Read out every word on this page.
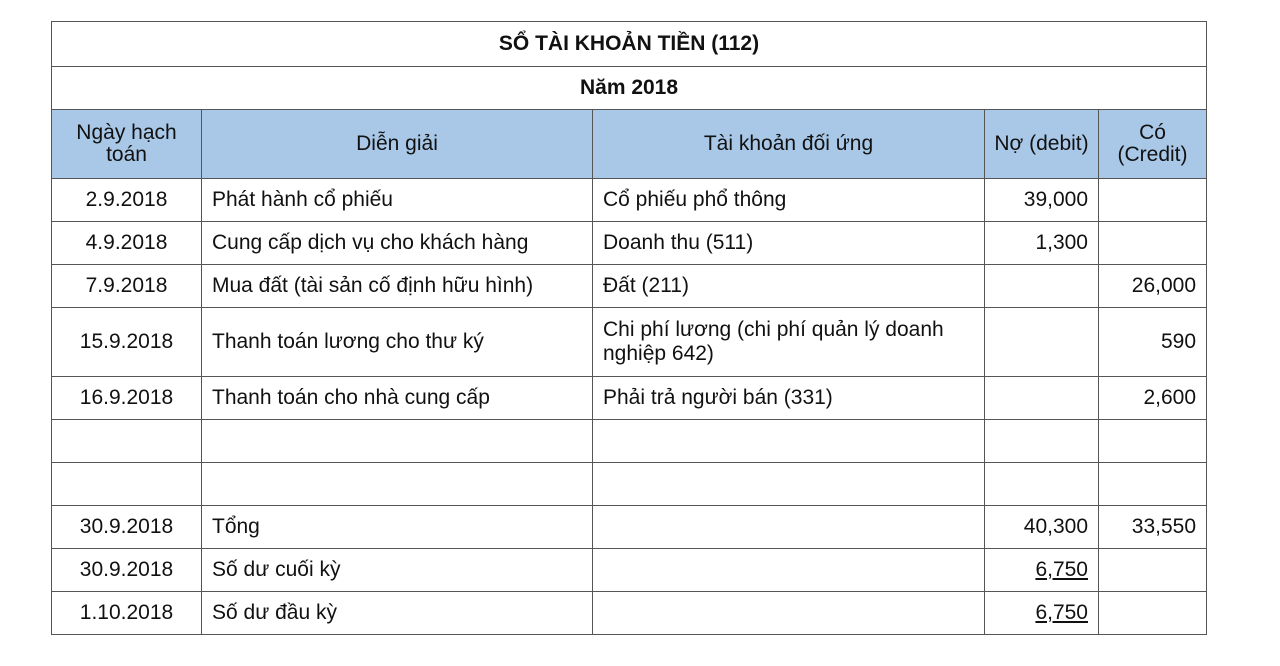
SỔ TÀI KHOẢN TIỀN (112)				
Năm 2018				
Ngày hạch toán	Diễn giải	Tài khoản đối ứng	Nợ (debit)	Có (Credit)
2.9.2018	Phát hành cổ phiếu	Cổ phiếu phổ thông	39,000	
4.9.2018	Cung cấp dịch vụ cho khách hàng	Doanh thu (511)	1,300	
7.9.2018	Mua đất (tài sản cố định hữu hình)	Đất (211)		26,000
15.9.2018	Thanh toán lương cho thư ký	Chi phí lương (chi phí quản lý doanh nghiệp 642)		590
16.9.2018	Thanh toán cho nhà cung cấp	Phải trả người bán (331)		2,600

30.9.2018	Tổng		40,300	33,550
30.9.2018	Số dư cuối kỳ		6,750	
1.10.2018	Số dư đầu kỳ		6,750	
